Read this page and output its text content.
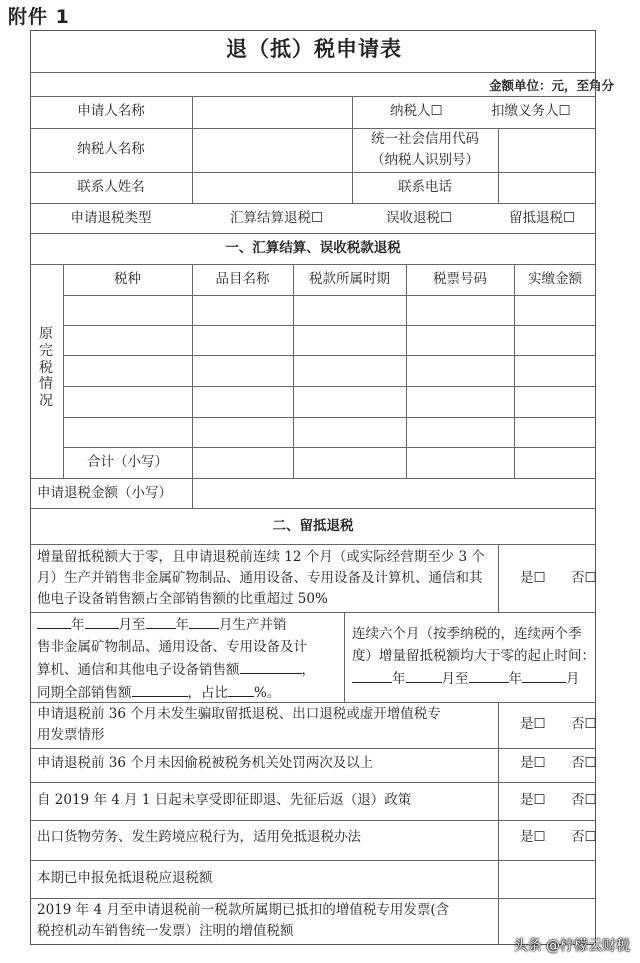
附件 1
退（抵）税申请表
金额单位：元，至角分
申请人名称	纳税人☐	扣缴义务人☐
纳税人名称
统一社会信用代码
（纳税人识别号）
联系人姓名	联系电话
申请退税类型	汇算结算退税☐	误收退税☐	留抵退税☐
一、汇算结算、误收税款退税
原完税情况
税种	品目名称	税款所属时期	税票号码	实缴金额
合计（小写）
申请退税金额（小写）
二、留抵退税
增量留抵税额大于零，且申请退税前连续 12 个月（或实际经营期至少 3 个月）生产并销售非金属矿物制品、通用设备、专用设备及计算机、通信和其他电子设备销售额占全部销售额的比重超过 50%
是☐ 否☐
年	月至 年 月生产并销
售非金属矿物制品、通用设备、专用设备及计
算机、通信和其他电子设备销售额	，
同期全部销售额	，占比 %。
连续六个月（按季纳税的，连续两个季
度）增量留抵税额均大于零的起止时间：
年	月至	年	月
申请退税前 36 个月未发生骗取留抵退税、出口退税或虚开增值税专
用发票情形
是☐ 否☐
申请退税前 36 个月未因偷税被税务机关处罚两次及以上	是☐ 否☐
自 2019 年 4 月 1 日起未享受即征即退、先征后返（退）政策	是☐ 否☐
出口货物劳务、发生跨境应税行为，适用免抵退税办法	是☐ 否☐
本期已申报免抵退税应退税额
2019 年 4 月至申请退税前一税款所属期已抵扣的增值税专用发票(含
税控机动车销售统一发票）注明的增值税额
头条 @柠檬云财税
